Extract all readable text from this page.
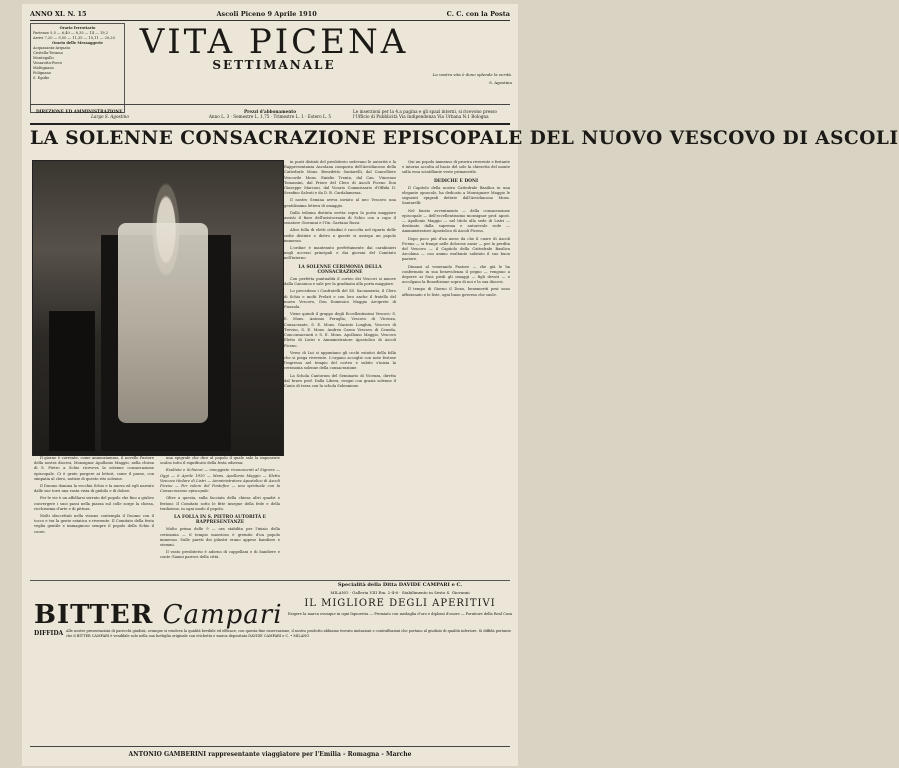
ANNO XI. N. 15	Ascoli Piceno 9 Aprile 1910	C. C. con la Posta
Orario ferroviario
Partenze 5,5 — 6,40 — 8,35 — 14 — 19,2
Arrivi 7,20 — 9,50 — 11,35 — 15,11 — 20,20
Orario delle Messaggerie
Acquasanta-Arquata
Civitella-Teramo
Montegallo
Venarotta-Force
Maltignano
Folignano
S. Egidio
VITA PICENA
SETTIMANALE
La nostra vita è dono splende la verità.
S. Agostino
DIREZIONE ED AMMINISTRAZIONE
Largo S. Agostino
Prezzi d'abbonamento
Anno L. 3 · Semestre L. 1,75 · Trimestre L. 1 · Estero L. 5
Le inserzioni per la 4.a pagina e gli spazi interni, si ricevono presso l'Ufficio di Pubblicità Via Indipendenza Via Urbana N.1 Bologna
LA SOLENNE CONSACRAZIONE EPISCOPALE DEL NUOVO VESCOVO DI ASCOLI

in posti distinti del presbiterio sedevano le autorità e la Rappresentanza Ascolana composta dell'Arcidiacono della Cattedrale Mons. Benedetto Santarelli, dal Cancelliere Vescovile Mons. Emidio Trenta, dal Can. Vincenzo Tomassini, dal Priore del Clero di Ascoli Piceno Don Giuseppe Marconi, dal Vicario Commissario d'Offida D. Serafino Salvati e da D. B. Cardalamessa.

Il nostro Semina aveva inviato al neo Vescovo una gentilissima lettera di omaggio.

Dalla tribuna distinta eretta sopra la porta maggiore assisti il fiore dell'aristocrazia di Schio con a capo il senatore Giovanni e l'On. Gaetano Rossi.

Altro folla di eletti cittadini è raccolta nel riparto delle sedie distinte e dietro a queste si assiepa un popolo immenso.

L'ordine è mantenuto perfettamente dai carabinieri negli accessi principali e dai giovani del Comitato nell'interno.

LA SOLENNE CERIMONIA DELLA CONSACRAZIONE

Con perfetta puntualità il corteo dei Vescovi si muove dalla Canonica e sale per la gradinata alla porta maggiore.

Lo precedono i Confratelli del SS. Sacramento, il Clero di Schio e molti Prelati e con loro anche il fratello del nuovo Vescovo, Don Domenico Maggio Arciprete di Piazzola.

Viene quindi il gruppo degli Eccellentissimi Vescovi: S. E. Mons. Antonio Feruglio, Vescovo di Vicenza, Consacrante, S. E. Mons. Giacinto Longhin, Vescovo di Treviso, S. E. Mons. Andrea Caron Vescovo di Ceneda, Conconsacranti e S. E. Mons. Apollonio Maggio, Vescovo Eletto di Listri e Amministratore Apostolico di Ascoli Piceno.

Verso di Lui si appuntano gli occhi estatici della folla che si piega riverente. L'organo accoglie con note festose l'ingresso nel tempio del corteo e subito s'inizia la cerimonia solenne della consacrazione.

La Schola Cantorum del Seminario di Vicenza, diretta dal bravo prof. Dalla Libera, esegui con grazia solenne il Canto di terza con la schola Solennione.

Qui un popolo immenso di prostra riverente e festante e intorno accolta al bacio del sole la chiesetta del monte sulla essa scintillante veste primaverile.

DEDICHE E DONI

Il Capitolo della nostra Cattedrale Basilica in una elegante opuscolo, ha dedicato a Monsignore Maggio le seguenti epigrafi dettate dall'Arcidiacono Mons. Santarelli:

Nel fausto avvenimento — della consacrazione episcopale — dell'eccellentissimo monsignor prof. apost. — Apollonio Maggio — nel titolo alla sede di Listri — destinato dalla suprema e autorevole sede — Amministratore Apostolico di Ascoli Piceno.

Dopo poco più d'un mese da che il cuore di Ascoli Piceno — si frange nelle dolorose ansie — per la perdita del Vescovo — il Capitolo della Cattedrale Basilica Arcolana — con animo esultante salutato il suo buon pastore.

Dinanzi al venerando Pastore — che già le ha confermato in sua benevolenza il pegno — vengono a deporre ai Suoi piedi gli omaggi — figli devoti — e accolgano la Benedizione sopra di noi e la sua diocesi.

Il tempo di Giorno il Dono, benemeriti pesi sono affezionato e le liste, ogni buon governo che suole.

Il giorno è corrente, come annunziammo, il novello Pastore della nostra diocesi, Monsignor Apollonio Maggio, nella chiesa di S. Pietro a Schio riceveva la solenne consacrazione episcopale. Ci è grato porgere ai lettori, come il paese, con simpatia al clero, notizie di questo rito solenne.

Il Duomo domina la vecchia Schio e la nuova ed egli narrato dalle sue torri una vasta vista di giubilo e di dolore.

Per le vie è un affollarsi serrato del popolo che fino a giulivo convergere i suoi passi nella piazza sul colle sorge la chiesa, ricchissima d'arte e di pittura.

Molti sfaccettati nella visione contempla il Duomo con il tocco e tra la gente estatica e riverente. Il Comitato della festa veglia gentile e immaginoso sempre il popolo della Schio il cuore.

una epigrafe che dice al popolo il quale sale la imponente scalea tutto il significato della festa odierna:

Exultate e Schiensi — inneggiate riconoscenti al Signore — Oggi — 6 Aprile 1910 — Mons. Apollonio Maggio — Eletto Vescovo titolare di Listri — Amministratore Apostolico di Ascoli Piceno — Per volere del Pontefice — uno spirituale con la Consacrazione episcopale.

Oltre a questa, sulla facciata della chiesa altri quadri e festoni: Il Comitato sotto le fitte insegne della fede e della tradizione, in ogni modo il popolo.

LA FOLLA IN S. PIETRO AUTORITÀ E RAPPRESENTANZE

Molto prima delle 9 — ora stabilita per l'inizio della cerimonia — il tempio maestoso è gremito d'un popolo immenso. Sulle pareti dei pilastri erano appese bandiere e stemmi.

Il vasto presbiterio è adorno di cappellani e di bandiere e conte Gianni parroci della città.

Specialità della Ditta DAVIDE CAMPARI e C.
MILANO · Galleria VIII Em. 2-4-6 · Stabilimento in Sesto S. Giovanni
IL MIGLIORE DEGLI APERITIVI
Esigere la marca ovunque in ogni liquoreria — Premiato con medaglia d'oro e diplomi d'onore — Fornitore della Real Casa
BITTER Campari
DIFFIDA Alle nostre presentazioni di parecchi giudizii, ovunque si vendeva la qualità bevibile ed efficace, con questa fine osservazione, il nostro prodotto abbiamo trovato imitazioni e contraffazioni che portano al giudizio di qualità inferiore. Si diffida pertanto che il BITTER CAMPARI è vendibile solo nella sua bottiglia originale con etichetta e marca depositata DAVIDE CAMPARI e C. • MILANO
ANTONIO GAMBERINI rappresentante viaggiatore per l'Emilia - Romagna - Marche
